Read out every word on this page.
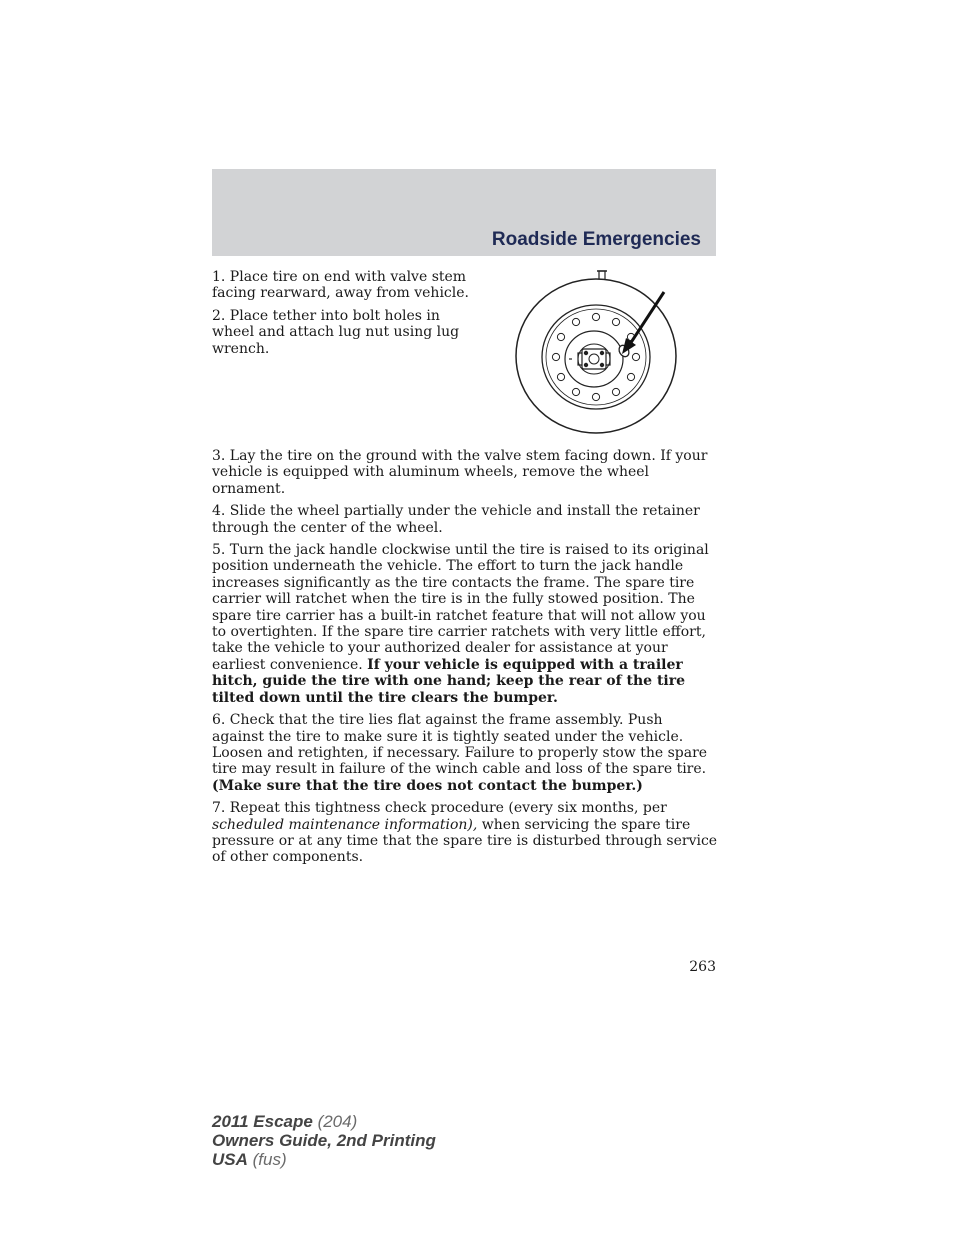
Roadside Emergencies

1. Place tire on end with valve stem facing rearward, away from vehicle.

2. Place tether into bolt holes in wheel and attach lug nut using lug wrench.

3. Lay the tire on the ground with the valve stem facing down. If your vehicle is equipped with aluminum wheels, remove the wheel ornament.

4. Slide the wheel partially under the vehicle and install the retainer through the center of the wheel.

5. Turn the jack handle clockwise until the tire is raised to its original position underneath the vehicle. The effort to turn the jack handle increases significantly as the tire contacts the frame. The spare tire carrier will ratchet when the tire is in the fully stowed position. The spare tire carrier has a built-in ratchet feature that will not allow you to overtighten. If the spare tire carrier ratchets with very little effort, take the vehicle to your authorized dealer for assistance at your earliest convenience. If your vehicle is equipped with a trailer hitch, guide the tire with one hand; keep the rear of the tire tilted down until the tire clears the bumper.

6. Check that the tire lies flat against the frame assembly. Push against the tire to make sure it is tightly seated under the vehicle. Loosen and retighten, if necessary. Failure to properly stow the spare tire may result in failure of the winch cable and loss of the spare tire. (Make sure that the tire does not contact the bumper.)

7. Repeat this tightness check procedure (every six months, per scheduled maintenance information), when servicing the spare tire pressure or at any time that the spare tire is disturbed through service of other components.

263
2011 Escape (204)
Owners Guide, 2nd Printing
USA (fus)
